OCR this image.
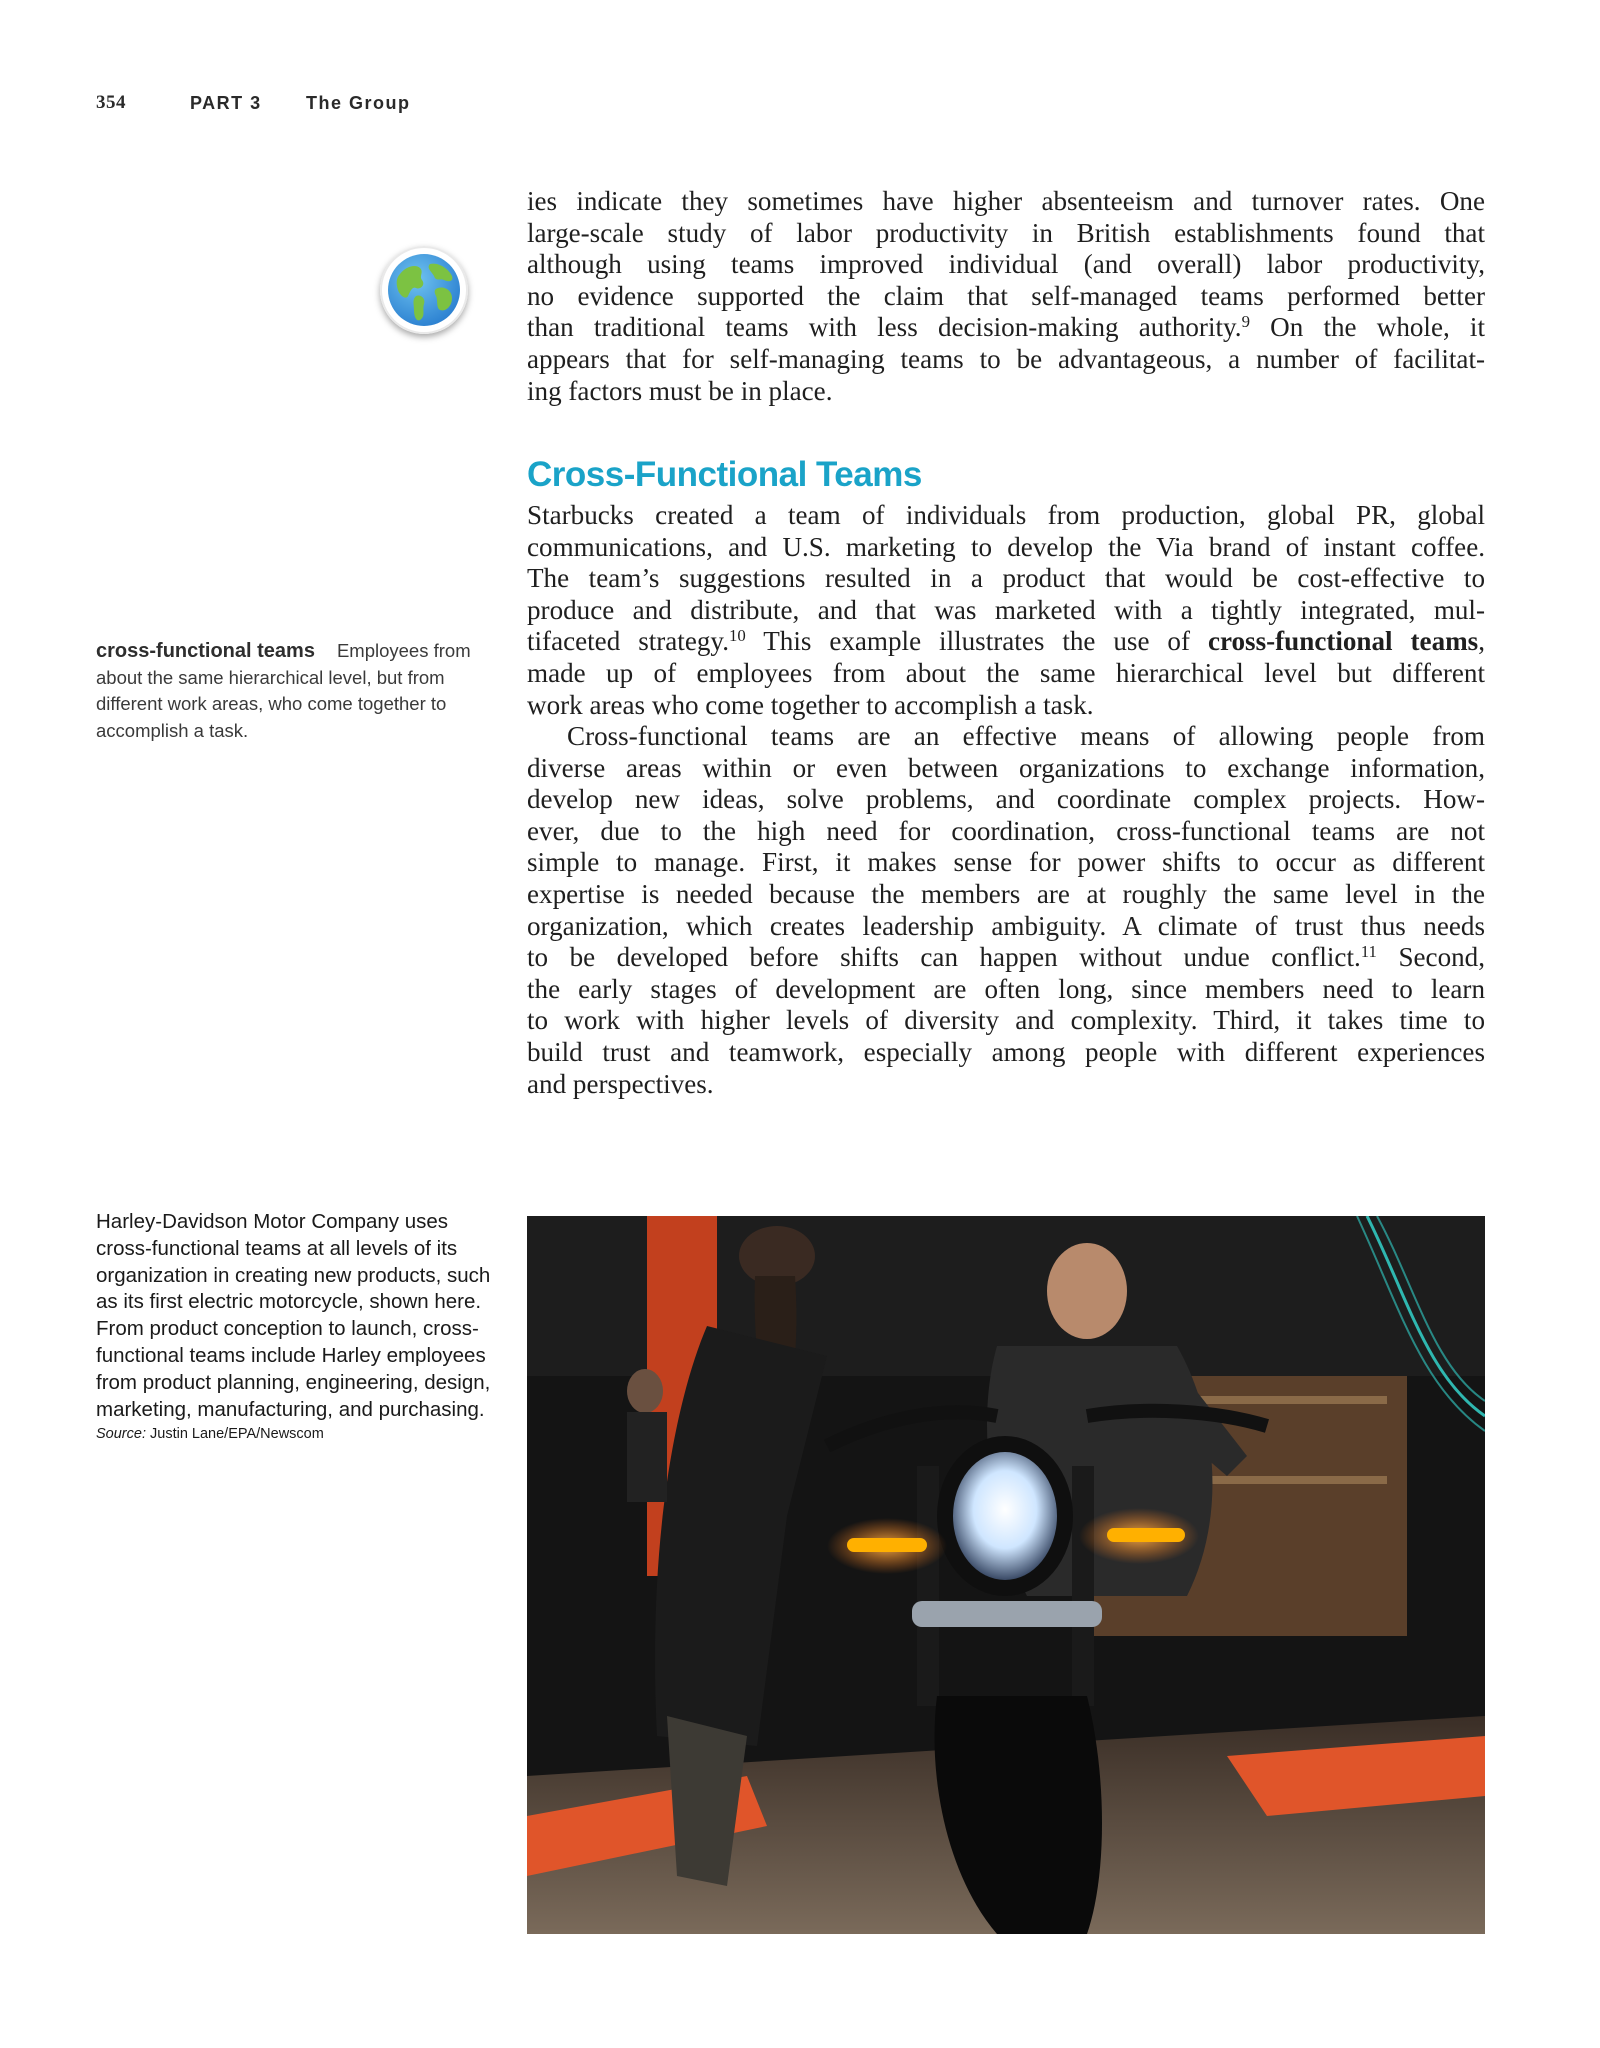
354	PART 3	The Group
ies indicate they sometimes have higher absenteeism and turnover rates. One
large-scale study of labor productivity in British establishments found that
although using teams improved individual (and overall) labor productivity,
no evidence supported the claim that self-managed teams performed better
than traditional teams with less decision-making authority.$^9$ On the whole, it
appears that for self-managing teams to be advantageous, a number of facilitat-
ing factors must be in place.
Cross-Functional Teams
Starbucks created a team of individuals from production, global PR, global
communications, and U.S. marketing to develop the Via brand of instant coffee.
The team’s suggestions resulted in a product that would be cost-effective to
produce and distribute, and that was marketed with a tightly integrated, mul-
tifaceted strategy.$^{10}$ This example illustrates the use of cross-functional teams,
made up of employees from about the same hierarchical level but different
work areas who come together to accomplish a task.
Cross-functional teams are an effective means of allowing people from
diverse areas within or even between organizations to exchange information,
develop new ideas, solve problems, and coordinate complex projects. How-
ever, due to the high need for coordination, cross-functional teams are not
simple to manage. First, it makes sense for power shifts to occur as different
expertise is needed because the members are at roughly the same level in the
organization, which creates leadership ambiguity. A climate of trust thus needs
to be developed before shifts can happen without undue conflict.$^{11}$ Second,
the early stages of development are often long, since members need to learn
to work with higher levels of diversity and complexity. Third, it takes time to
build trust and teamwork, especially among people with different experiences
and perspectives.
cross-functional teams Employees from about the same hierarchical level, but from different work areas, who come together to accomplish a task.
Harley-Davidson Motor Company uses cross-functional teams at all levels of its organization in creating new products, such as its first electric motorcycle, shown here. From product conception to launch, cross-functional teams include Harley employees from product planning, engineering, design, marketing, manufacturing, and purchasing.
Source: Justin Lane/EPA/Newscom
